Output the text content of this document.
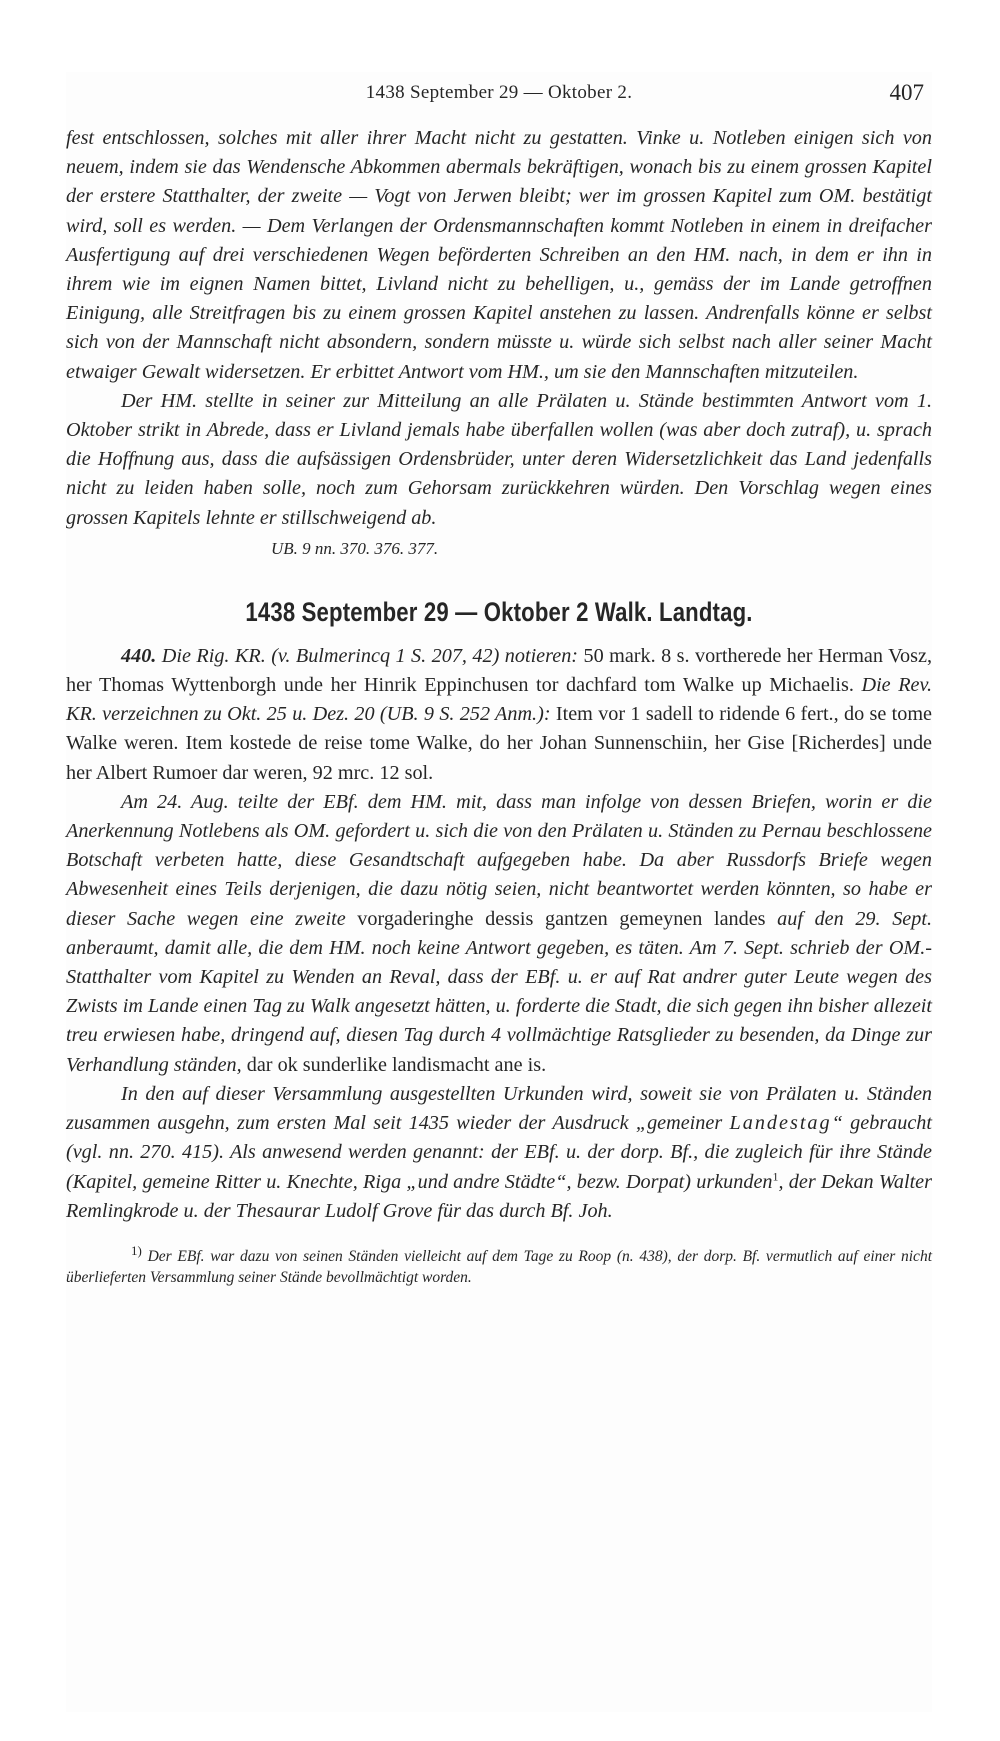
1438 September 29 — Oktober 2.	407

fest entschlossen, solches mit aller ihrer Macht nicht zu gestatten. Vinke u. Notleben einigen sich von neuem, indem sie das Wendensche Abkommen abermals bekräftigen, wonach bis zu einem grossen Kapitel der erstere Statthalter, der zweite — Vogt von Jerwen bleibt; wer im grossen Kapitel zum OM. bestätigt wird, soll es werden. — Dem Verlangen der Ordensmannschaften kommt Notleben in einem in dreifacher Ausfertigung auf drei verschiedenen Wegen beförderten Schreiben an den HM. nach, in dem er ihn in ihrem wie im eignen Namen bittet, Livland nicht zu behelligen, u., gemäss der im Lande getroffnen Einigung, alle Streitfragen bis zu einem grossen Kapitel anstehen zu lassen. Andrenfalls könne er selbst sich von der Mannschaft nicht absondern, sondern müsste u. würde sich selbst nach aller seiner Macht etwaiger Gewalt widersetzen. Er erbittet Antwort vom HM., um sie den Mannschaften mitzuteilen.

Der HM. stellte in seiner zur Mitteilung an alle Prälaten u. Stände bestimmten Antwort vom 1. Oktober strikt in Abrede, dass er Livland jemals habe überfallen wollen (was aber doch zutraf), u. sprach die Hoffnung aus, dass die aufsässigen Ordensbrüder, unter deren Widersetzlichkeit das Land jedenfalls nicht zu leiden haben solle, noch zum Gehorsam zurückkehren würden. Den Vorschlag wegen eines grossen Kapitels lehnte er stillschweigend ab.

UB. 9 nn. 370. 376. 377.
1438 September 29 — Oktober 2 Walk. Landtag.

440. Die Rig. KR. (v. Bulmerincq 1 S. 207, 42) notieren: 50 mark. 8 s. vortherede her Herman Vosz, her Thomas Wyttenborgh unde her Hinrik Eppinchusen tor dachfard tom Walke up Michaelis. Die Rev. KR. verzeichnen zu Okt. 25 u. Dez. 20 (UB. 9 S. 252 Anm.): Item vor 1 sadell to ridende 6 fert., do se tome Walke weren. Item kostede de reise tome Walke, do her Johan Sunnenschiin, her Gise [Richerdes] unde her Albert Rumoer dar weren, 92 mrc. 12 sol.

Am 24. Aug. teilte der EBf. dem HM. mit, dass man infolge von dessen Briefen, worin er die Anerkennung Notlebens als OM. gefordert u. sich die von den Prälaten u. Ständen zu Pernau beschlossene Botschaft verbeten hatte, diese Gesandtschaft aufgegeben habe. Da aber Russdorfs Briefe wegen Abwesenheit eines Teils derjenigen, die dazu nötig seien, nicht beantwortet werden könnten, so habe er dieser Sache wegen eine zweite vorgaderinghe dessis gantzen gemeynen landes auf den 29. Sept. anberaumt, damit alle, die dem HM. noch keine Antwort gegeben, es täten. Am 7. Sept. schrieb der OM.-Statthalter vom Kapitel zu Wenden an Reval, dass der EBf. u. er auf Rat andrer guter Leute wegen des Zwists im Lande einen Tag zu Walk angesetzt hätten, u. forderte die Stadt, die sich gegen ihn bisher allezeit treu erwiesen habe, dringend auf, diesen Tag durch 4 vollmächtige Ratsglieder zu besenden, da Dinge zur Verhandlung ständen, dar ok sunderlike landismacht ane is.

In den auf dieser Versammlung ausgestellten Urkunden wird, soweit sie von Prälaten u. Ständen zusammen ausgehn, zum ersten Mal seit 1435 wieder der Ausdruck „gemeiner Landestag“ gebraucht (vgl. nn. 270. 415). Als anwesend werden genannt: der EBf. u. der dorp. Bf., die zugleich für ihre Stände (Kapitel, gemeine Ritter u. Knechte, Riga „und andre Städte“, bezw. Dorpat) urkunden$^1$, der Dekan Walter Remlingkrode u. der Thesaurar Ludolf Grove für das durch Bf. Joh.

$^{1)}$ Der EBf. war dazu von seinen Ständen vielleicht auf dem Tage zu Roop (n. 438), der dorp. Bf. vermutlich auf einer nicht überlieferten Versammlung seiner Stände bevollmächtigt worden.
